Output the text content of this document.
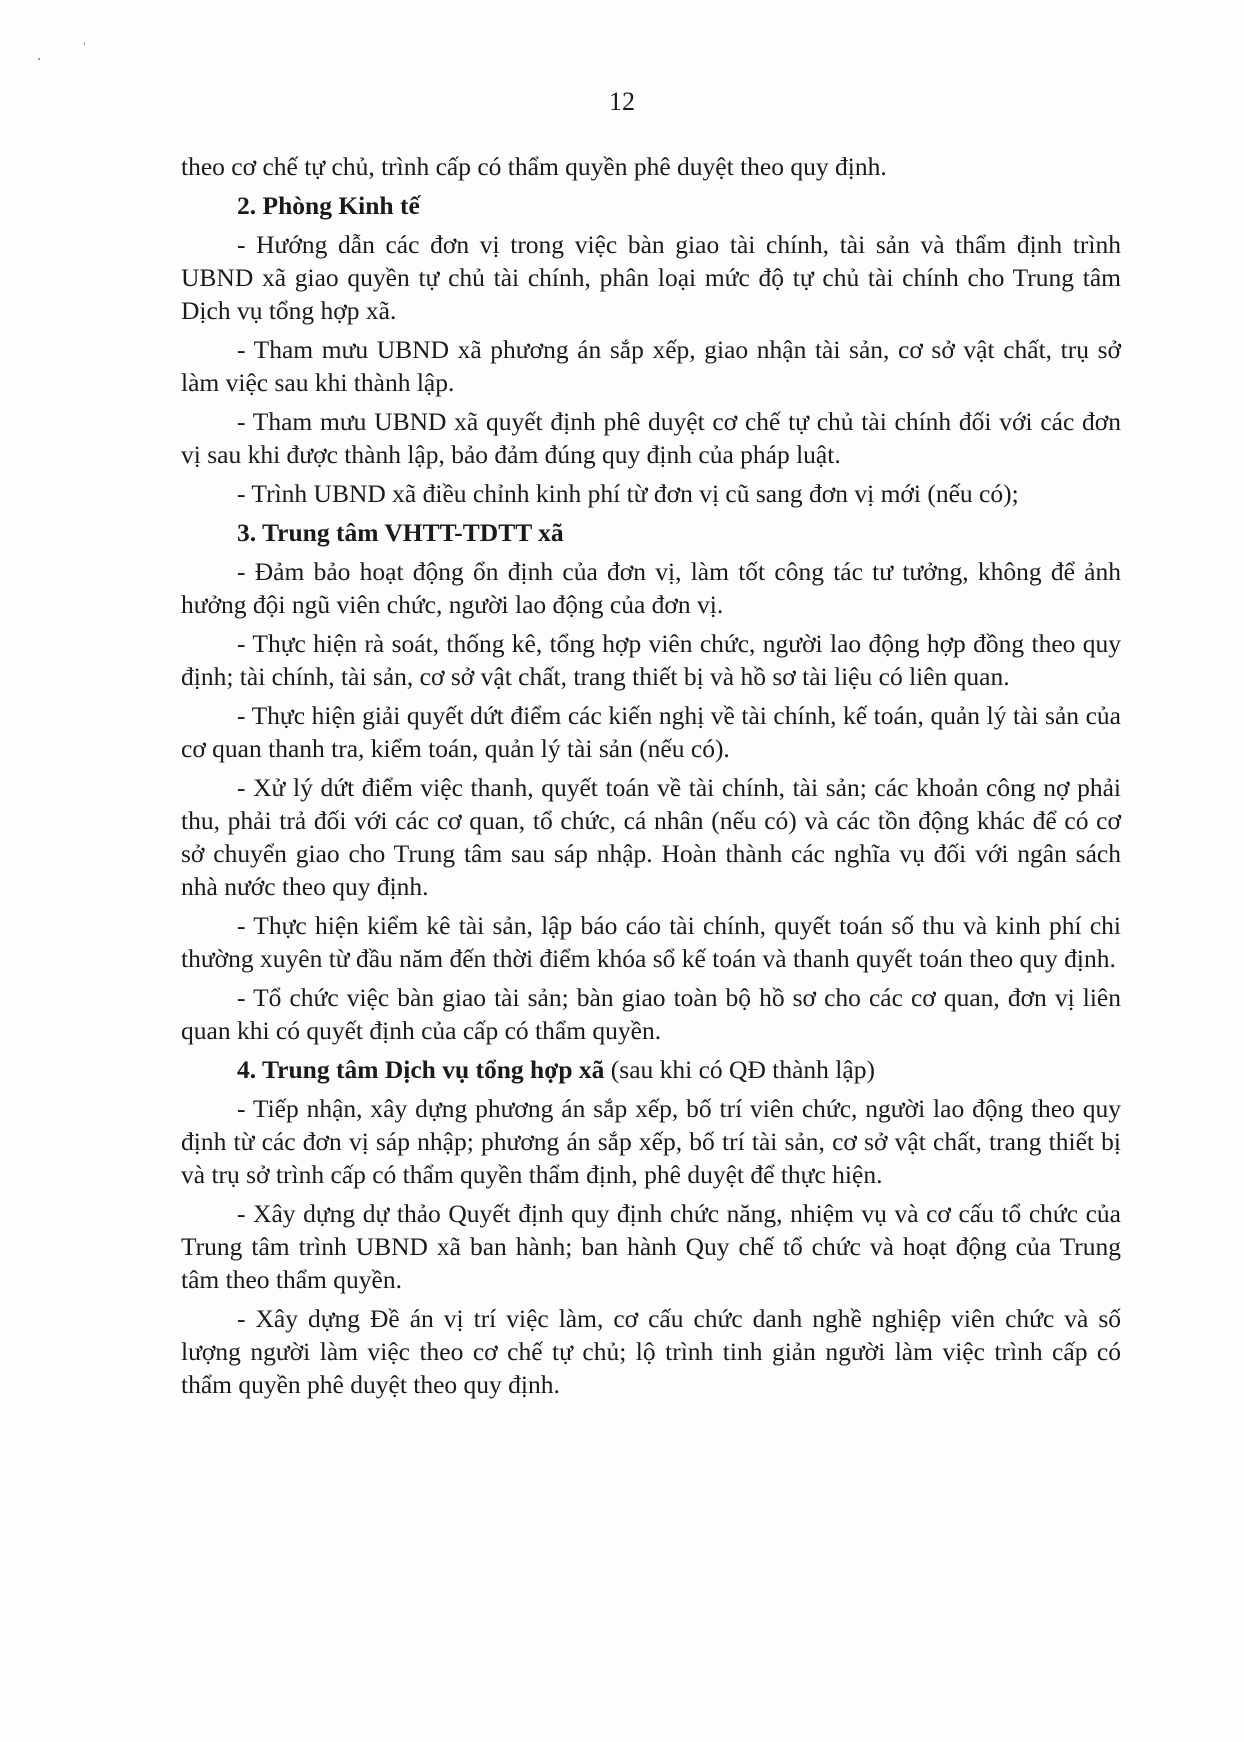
12

theo cơ chế tự chủ, trình cấp có thẩm quyền phê duyệt theo quy định.

2. Phòng Kinh tế

- Hướng dẫn các đơn vị trong việc bàn giao tài chính, tài sản và thẩm định trình UBND xã giao quyền tự chủ tài chính, phân loại mức độ tự chủ tài chính cho Trung tâm Dịch vụ tổng hợp xã.

- Tham mưu UBND xã phương án sắp xếp, giao nhận tài sản, cơ sở vật chất, trụ sở làm việc sau khi thành lập.

- Tham mưu UBND xã quyết định phê duyệt cơ chế tự chủ tài chính đối với các đơn vị sau khi được thành lập, bảo đảm đúng quy định của pháp luật.

- Trình UBND xã điều chỉnh kinh phí từ đơn vị cũ sang đơn vị mới (nếu có);

3. Trung tâm VHTT-TDTT xã

- Đảm bảo hoạt động ổn định của đơn vị, làm tốt công tác tư tưởng, không để ảnh hưởng đội ngũ viên chức, người lao động của đơn vị.

- Thực hiện rà soát, thống kê, tổng hợp viên chức, người lao động hợp đồng theo quy định; tài chính, tài sản, cơ sở vật chất, trang thiết bị và hồ sơ tài liệu có liên quan.

- Thực hiện giải quyết dứt điểm các kiến nghị về tài chính, kế toán, quản lý tài sản của cơ quan thanh tra, kiểm toán, quản lý tài sản (nếu có).

- Xử lý dứt điểm việc thanh, quyết toán về tài chính, tài sản; các khoản công nợ phải thu, phải trả đối với các cơ quan, tổ chức, cá nhân (nếu có) và các tồn động khác để có cơ sở chuyển giao cho Trung tâm sau sáp nhập. Hoàn thành các nghĩa vụ đối với ngân sách nhà nước theo quy định.

- Thực hiện kiểm kê tài sản, lập báo cáo tài chính, quyết toán số thu và kinh phí chi thường xuyên từ đầu năm đến thời điểm khóa sổ kế toán và thanh quyết toán theo quy định.

- Tổ chức việc bàn giao tài sản; bàn giao toàn bộ hồ sơ cho các cơ quan, đơn vị liên quan khi có quyết định của cấp có thẩm quyền.

4. Trung tâm Dịch vụ tổng hợp xã (sau khi có QĐ thành lập)

- Tiếp nhận, xây dựng phương án sắp xếp, bố trí viên chức, người lao động theo quy định từ các đơn vị sáp nhập; phương án sắp xếp, bố trí tài sản, cơ sở vật chất, trang thiết bị và trụ sở trình cấp có thẩm quyền thẩm định, phê duyệt để thực hiện.

- Xây dựng dự thảo Quyết định quy định chức năng, nhiệm vụ và cơ cấu tổ chức của Trung tâm trình UBND xã ban hành; ban hành Quy chế tổ chức và hoạt động của Trung tâm theo thẩm quyền.

- Xây dựng Đề án vị trí việc làm, cơ cấu chức danh nghề nghiệp viên chức và số lượng người làm việc theo cơ chế tự chủ; lộ trình tinh giản người làm việc trình cấp có thẩm quyền phê duyệt theo quy định.
